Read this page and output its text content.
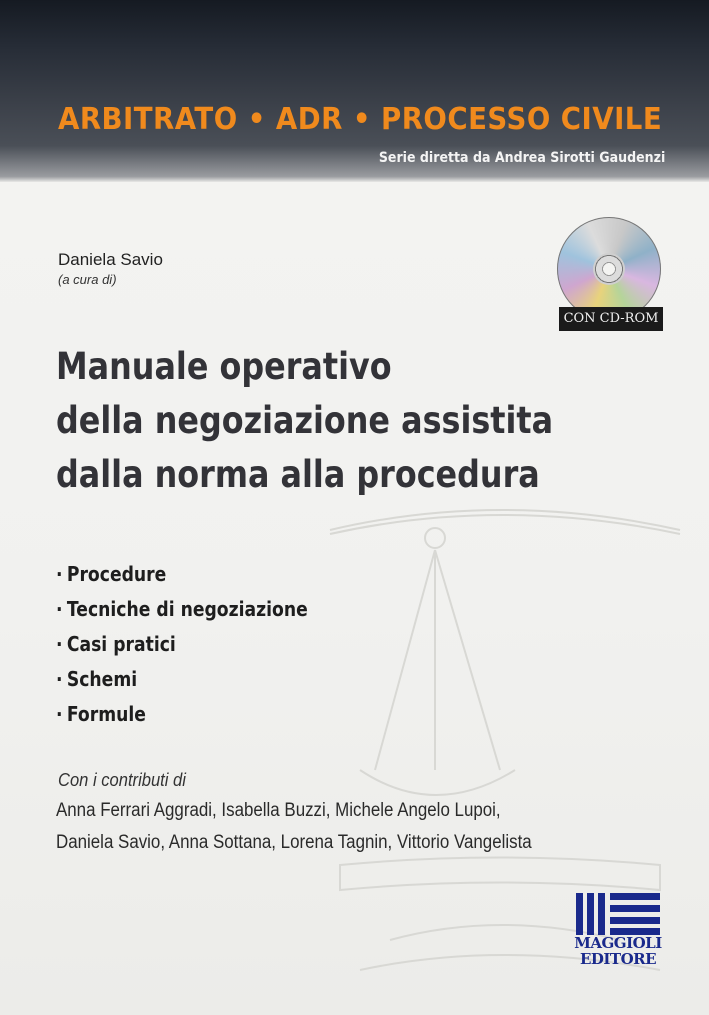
ARBITRATO • ADR • PROCESSO CIVILE
Serie diretta da Andrea Sirotti Gaudenzi
Daniela Savio
(a cura di)
CON CD-ROM
Manuale operativo
della negoziazione assistita
dalla norma alla procedura
· Procedure
· Tecniche di negoziazione
· Casi pratici
· Schemi
· Formule
Con i contributi di
Anna Ferrari Aggradi, Isabella Buzzi, Michele Angelo Lupoi,
Daniela Savio, Anna Sottana, Lorena Tagnin, Vittorio Vangelista
MAGGIOLI
EDITORE
